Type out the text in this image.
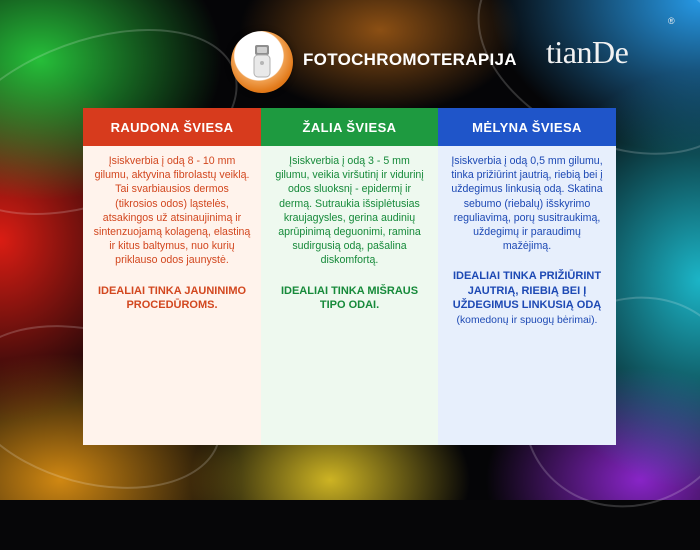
FOTOCHROMOTERAPIJA tianDe
®
RAUDONA ŠVIESA

Įsiskverbia į odą 8 - 10 mm gilumu, aktyvina fibrolastų veiklą. Tai svarbiausios dermos (tikrosios odos) ląstelės, atsakingos už atsinaujinimą ir sintenzuojamą kolageną, elastiną ir kitus baltymus, nuo kurių priklauso odos jaunystė.

IDEALIAI TINKA JAUNINIMO PROCEDŪROMS.

ŽALIA ŠVIESA

Įsiskverbia į odą 3 - 5 mm gilumu, veikia viršutinį ir vidurinį odos sluoksnį - epidermį ir dermą. Sutraukia išsiplėtusias kraujagysles, gerina audinių aprūpinimą deguonimi, ramina sudirgusią odą, pašalina diskomfortą.

IDEALIAI TINKA MIŠRAUS TIPO ODAI.

MĖLYNA ŠVIESA

Įsiskverbia į odą 0,5 mm gilumu, tinka prižiūrint jautrią, riebią bei į uždegimus linkusią odą. Skatina sebumo (riebalų) išskyrimo reguliavimą, porų susitraukimą, uždegimų ir paraudimų mažėjimą.

IDEALIAI TINKA PRIŽIŪRINT JAUTRIĄ, RIEBIĄ BEI Į UŽDEGIMUS LINKUSIĄ ODĄ
(komedonų ir spuogų bėrimai).
